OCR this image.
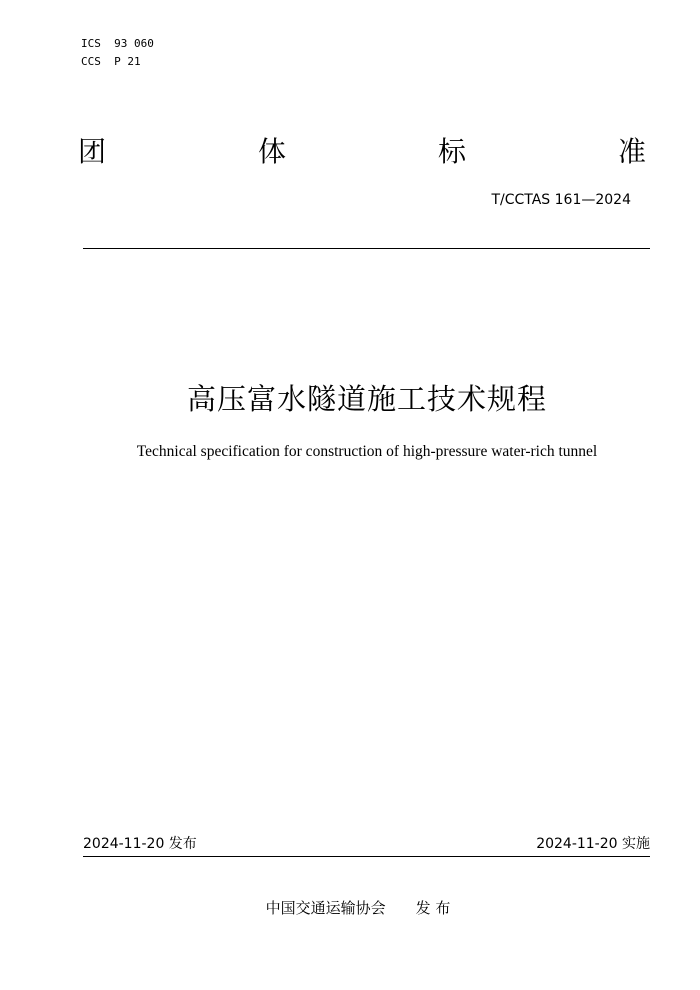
ICS  93 060
CCS  P 21
团	体	标	准
T/CCTAS 161—2024
高压富水隧道施工技术规程
Technical specification for construction of high-pressure water-rich tunnel
2024-11-20 发布	2024-11-20 实施
中国交通运输协会 发 布
